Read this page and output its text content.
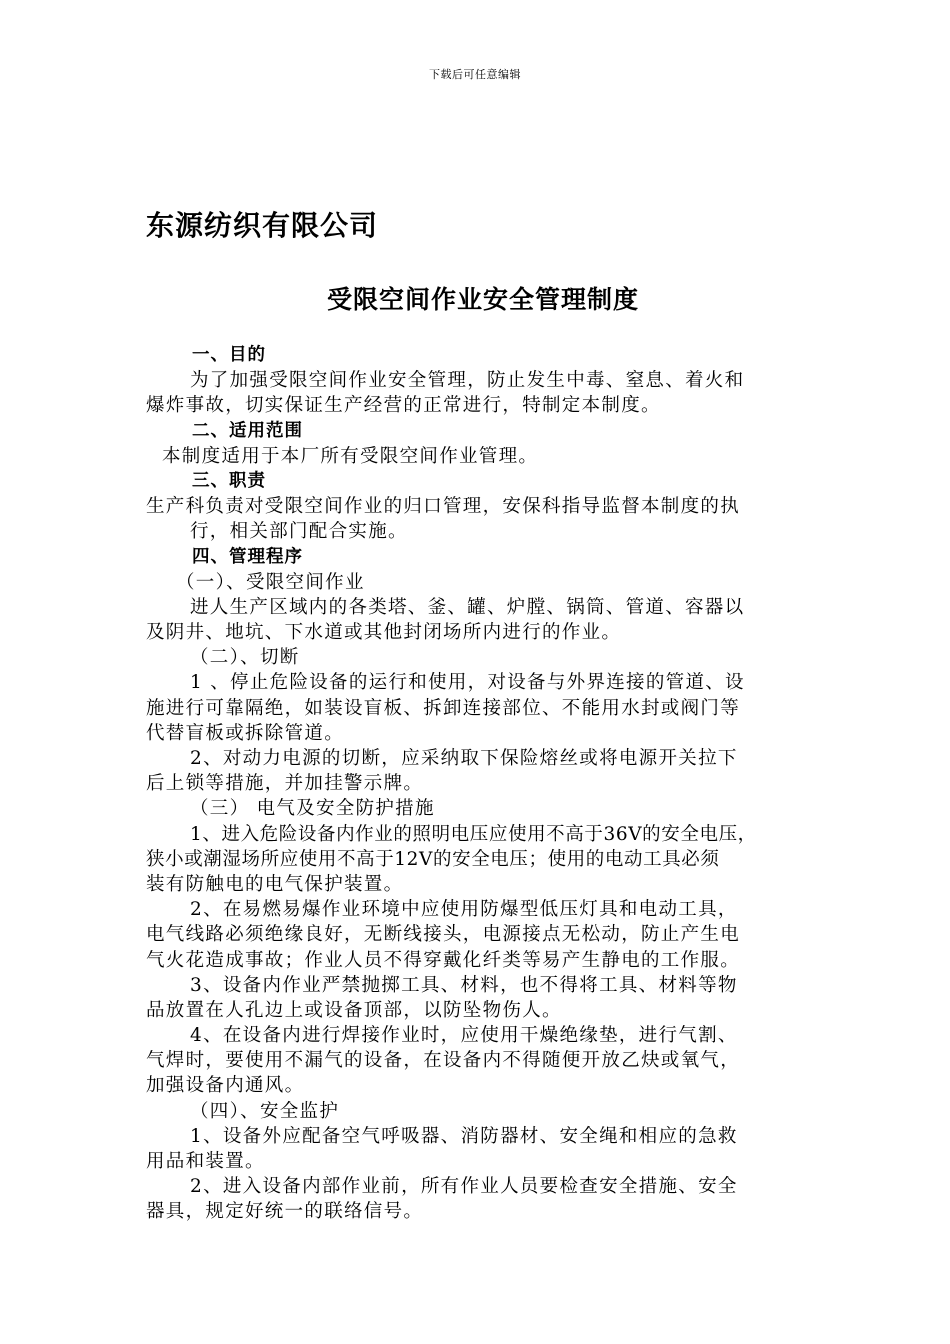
下载后可任意编辑
东源纺织有限公司
受限空间作业安全管理制度
一、目的
为了加强受限空间作业安全管理，防止发生中毒、窒息、着火和
爆炸事故，切实保证生产经营的正常进行，特制定本制度。
二、适用范围
本制度适用于本厂所有受限空间作业管理。
三、职责
生产科负责对受限空间作业的归口管理，安保科指导监督本制度的执
行，相关部门配合实施。
四、管理程序
（一）、受限空间作业
进人生产区域内的各类塔、釜、罐、炉膛、锅筒、管道、容器以
及阴井、地坑、下水道或其他封闭场所内进行的作业。
（二）、切断
1 、停止危险设备的运行和使用，对设备与外界连接的管道、设
施进行可靠隔绝，如装设盲板、拆卸连接部位、不能用水封或阀门等
代替盲板或拆除管道。
2、对动力电源的切断，应采纳取下保险熔丝或将电源开关拉下
后上锁等措施，并加挂警示牌。
（三） 电气及安全防护措施
1、进入危险设备内作业的照明电压应使用不高于36V的安全电压，
狭小或潮湿场所应使用不高于12V的安全电压；使用的电动工具必须
装有防触电的电气保护装置。
2、在易燃易爆作业环境中应使用防爆型低压灯具和电动工具，
电气线路必须绝缘良好，无断线接头，电源接点无松动，防止产生电
气火花造成事故；作业人员不得穿戴化纤类等易产生静电的工作服。
3、设备内作业严禁抛掷工具、材料，也不得将工具、材料等物
品放置在人孔边上或设备顶部，以防坠物伤人。
4、在设备内进行焊接作业时，应使用干燥绝缘垫，进行气割、
气焊时，要使用不漏气的设备，在设备内不得随便开放乙炔或氧气，
加强设备内通风。
（四）、安全监护
1、设备外应配备空气呼吸器、消防器材、安全绳和相应的急救
用品和装置。
2、进入设备内部作业前，所有作业人员要检查安全措施、安全
器具，规定好统一的联络信号。
